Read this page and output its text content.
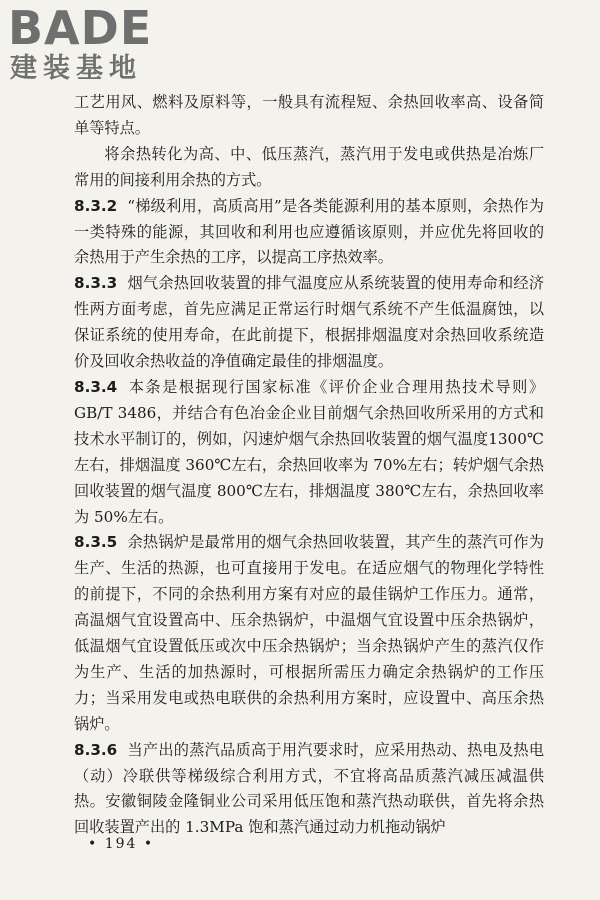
BADE

建装基地

工艺用风、燃料及原料等，一般具有流程短、余热回收率高、设备简单等特点。

将余热转化为高、中、低压蒸汽，蒸汽用于发电或供热是冶炼厂常用的间接利用余热的方式。

8.3.2 “梯级利用，高质高用”是各类能源利用的基本原则，余热作为一类特殊的能源，其回收和利用也应遵循该原则，并应优先将回收的余热用于产生余热的工序，以提高工序热效率。

8.3.3 烟气余热回收装置的排气温度应从系统装置的使用寿命和经济性两方面考虑，首先应满足正常运行时烟气系统不产生低温腐蚀，以保证系统的使用寿命，在此前提下，根据排烟温度对余热回收系统造价及回收余热收益的净值确定最佳的排烟温度。

8.3.4 本条是根据现行国家标准《评价企业合理用热技术导则》GB/T 3486，并结合有色冶金企业目前烟气余热回收所采用的方式和技术水平制订的，例如，闪速炉烟气余热回收装置的烟气温度1300℃左右，排烟温度 360℃左右，余热回收率为 70%左右；转炉烟气余热回收装置的烟气温度 800℃左右，排烟温度 380℃左右，余热回收率为 50%左右。

8.3.5 余热锅炉是最常用的烟气余热回收装置，其产生的蒸汽可作为生产、生活的热源，也可直接用于发电。在适应烟气的物理化学特性的前提下，不同的余热利用方案有对应的最佳锅炉工作压力。通常，高温烟气宜设置高中、压余热锅炉，中温烟气宜设置中压余热锅炉，低温烟气宜设置低压或次中压余热锅炉；当余热锅炉产生的蒸汽仅作为生产、生活的加热源时，可根据所需压力确定余热锅炉的工作压力；当采用发电或热电联供的余热利用方案时，应设置中、高压余热锅炉。

8.3.6 当产出的蒸汽品质高于用汽要求时，应采用热动、热电及热电（动）冷联供等梯级综合利用方式，不宜将高品质蒸汽减压减温供热。安徽铜陵金隆铜业公司采用低压饱和蒸汽热动联供，首先将余热回收装置产出的 1.3MPa 饱和蒸汽通过动力机拖动锅炉

• 194 •
